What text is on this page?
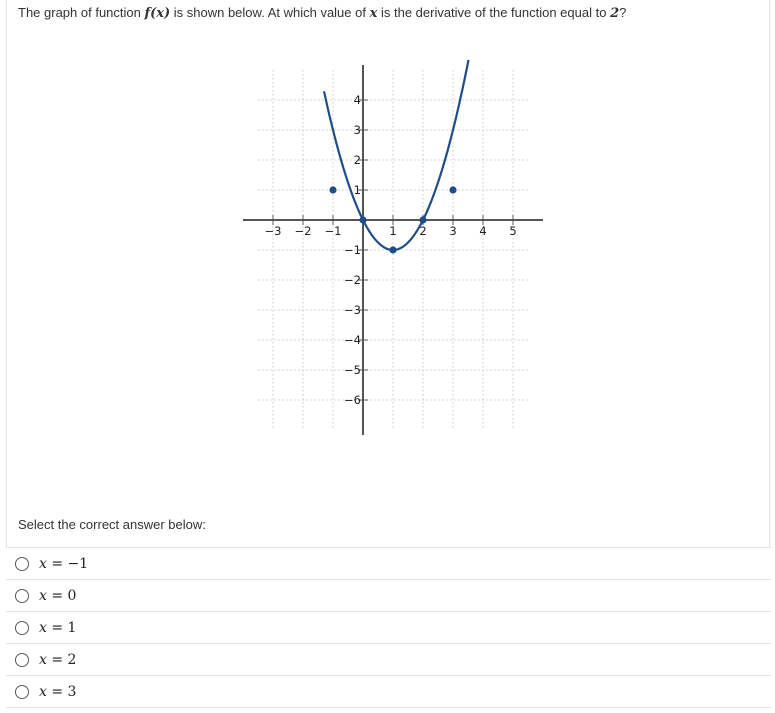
The graph of function f(x) is shown below. At which value of x is the derivative of the function equal to 2?
−3 −2 −1	1 2 3 4 5
4
3
2
1
−1
−2
−3
−4
−5
−6
Select the correct answer below:
x = −1
x = 0
x = 1
x = 2
x = 3
